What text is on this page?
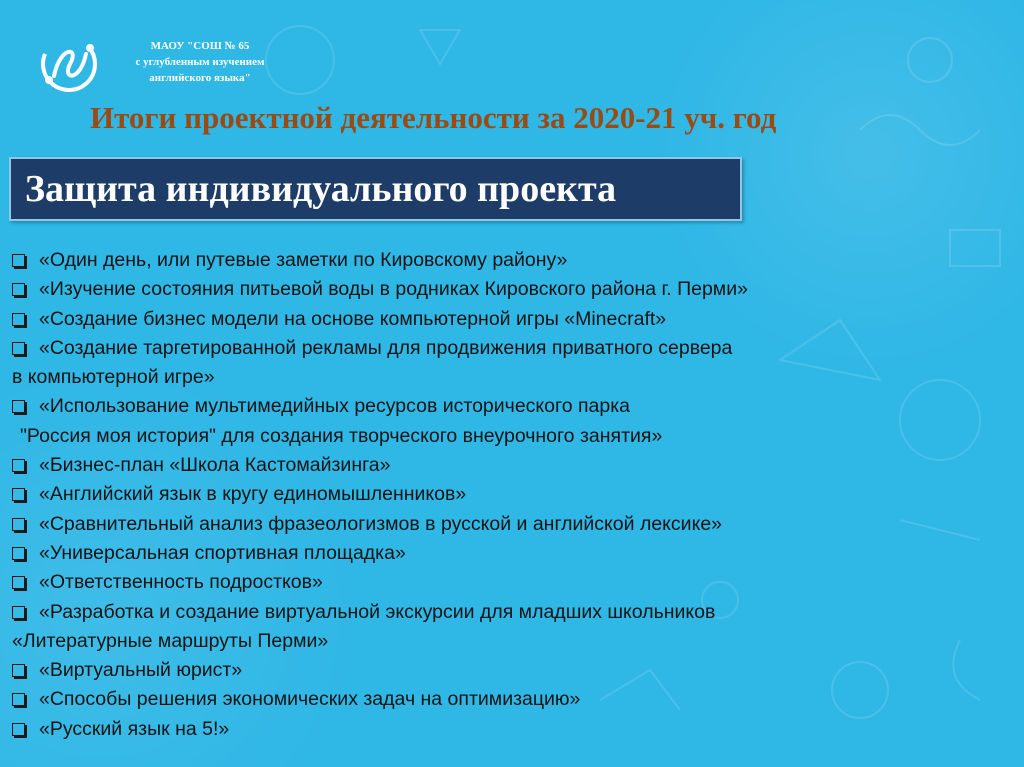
МАОУ "СОШ № 65
с углубленным изучением
английского языка"
Итоги проектной деятельности за 2020-21 уч. год
Защита индивидуального проекта
«Один день, или путевые заметки по Кировскому району»
«Изучение состояния питьевой воды в родниках Кировского района г. Перми»
«Создание бизнес модели на основе компьютерной игры «Minecraft»
«Создание таргетированной рекламы для продвижения приватного сервера
в компьютерной игре»
«Использование мультимедийных ресурсов исторического парка
"Россия моя история" для создания творческого внеурочного занятия»
«Бизнес-план «Школа Кастомайзинга»
«Английский язык в кругу единомышленников»
«Сравнительный анализ фразеологизмов в русской и английской лексике»
«Универсальная спортивная площадка»
«Ответственность подростков»
«Разработка и создание виртуальной экскурсии для младших школьников
«Литературные маршруты Перми»
«Виртуальный юрист»
«Способы решения экономических задач на оптимизацию»
«Русский язык на 5!»
